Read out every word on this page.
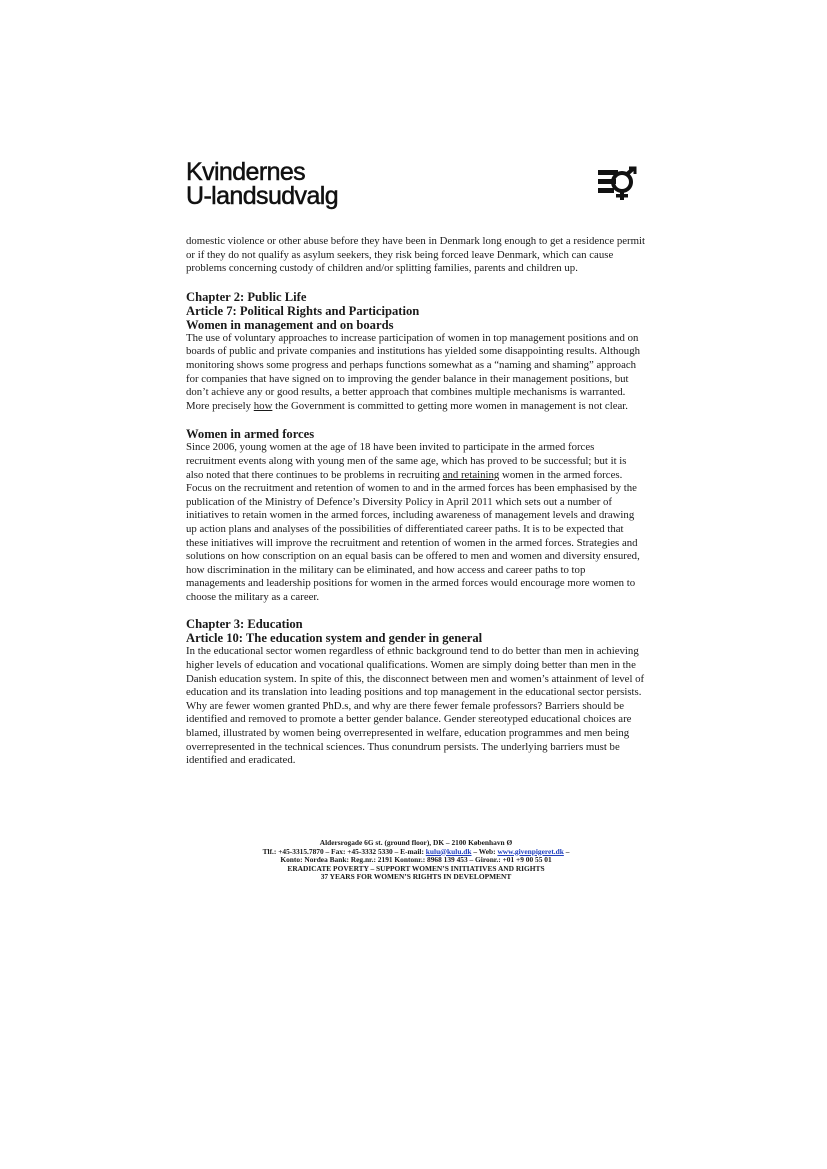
Kvindernes
U-landsudvalg

domestic violence or other abuse before they have been in Denmark long enough to get a residence permit or if they do not qualify as asylum seekers, they risk being forced leave Denmark, which can cause problems concerning custody of children and/or splitting families, parents and children up.

Chapter 2: Public Life
Article 7: Political Rights and Participation
Women in management and on boards

The use of voluntary approaches to increase participation of women in top management positions and on boards of public and private companies and institutions has yielded some disappointing results. Although monitoring shows some progress and perhaps functions somewhat as a “naming and shaming” approach for companies that have signed on to improving the gender balance in their management positions, but don’t achieve any or good results, a better approach that combines multiple mechanisms is warranted. More precisely how the Government is committed to getting more women in management is not clear.

Women in armed forces

Since 2006, young women at the age of 18 have been invited to participate in the armed forces recruitment events along with young men of the same age, which has proved to be successful; but it is also noted that there continues to be problems in recruiting and retaining women in the armed forces. Focus on the recruitment and retention of women to and in the armed forces has been emphasised by the publication of the Ministry of Defence’s Diversity Policy in April 2011 which sets out a number of initiatives to retain women in the armed forces, including awareness of management levels and drawing up action plans and analyses of the possibilities of differentiated career paths. It is to be expected that these initiatives will improve the recruitment and retention of women in the armed forces. Strategies and solutions on how conscription on an equal basis can be offered to men and women and diversity ensured, how discrimination in the military can be eliminated, and how access and career paths to top managements and leadership positions for women in the armed forces would encourage more women to choose the military as a career.

Chapter 3: Education
Article 10: The education system and gender in general

In the educational sector women regardless of ethnic background tend to do better than men in achieving higher levels of education and vocational qualifications. Women are simply doing better than men in the Danish education system. In spite of this, the disconnect between men and women’s attainment of level of education and its translation into leading positions and top management in the educational sector persists. Why are fewer women granted PhD.s, and why are there fewer female professors? Barriers should be identified and removed to promote a better gender balance. Gender stereotyped educational choices are blamed, illustrated by women being overrepresented in welfare, education programmes and men being overrepresented in the technical sciences. Thus conundrum persists. The underlying barriers must be identified and eradicated.

Aldersrogade 6G st. (ground floor), DK – 2100 København Ø
Tlf.: +45-3315.7870 – Fax: +45-3332 5330 – E-mail: kulu@kulu.dk – Web: www.givenpigeret.dk –
Konto: Nordea Bank: Reg.nr.: 2191 Kontonr.: 8968 139 453 – Gironr.: +01 +9 00 55 01
ERADICATE POVERTY – SUPPORT WOMEN’S INITIATIVES AND RIGHTS
37 YEARS FOR WOMEN’S RIGHTS IN DEVELOPMENT
